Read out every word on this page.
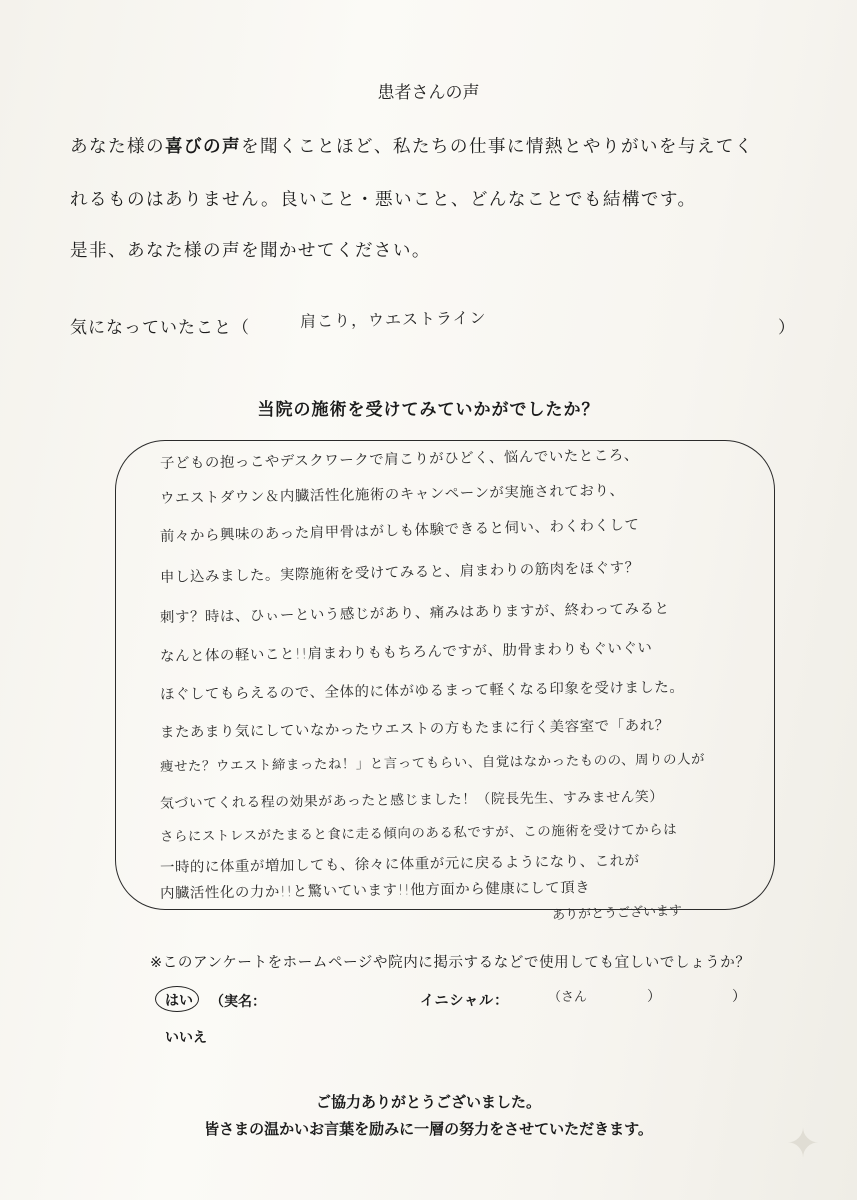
患者さんの声
あなた様の喜びの声を聞くことほど、私たちの仕事に情熱とやりがいを与えてく
れるものはありません。良いこと・悪いこと、どんなことでも結構です。
是非、あなた様の声を聞かせてください。
気になっていたこと（	肩こり，ウエストライン	）
当院の施術を受けてみていかがでしたか？
子どもの抱っこやデスクワークで肩こりがひどく、悩んでいたところ、
ウエストダウン＆内臓活性化施術のキャンペーンが実施されており、
前々から興味のあった肩甲骨はがしも体験できると伺い、わくわくして
申し込みました。実際施術を受けてみると、肩まわりの筋肉をほぐす？
刺す？時は、ひぃーという感じがあり、痛みはありますが、終わってみると
なんと体の軽いこと!!肩まわりももちろんですが、肋骨まわりもぐいぐい
ほぐしてもらえるので、全体的に体がゆるまって軽くなる印象を受けました。
またあまり気にしていなかったウエストの方もたまに行く美容室で「あれ？
痩せた？ウエスト締まったね！」と言ってもらい、自覚はなかったものの、周りの人が
気づいてくれる程の効果があったと感じました！（院長先生、すみません笑）
さらにストレスがたまると食に走る傾向のある私ですが、この施術を受けてからは
一時的に体重が増加しても、徐々に体重が元に戻るようになり、これが
内臓活性化の力か!!と驚いています!!他方面から健康にして頂き
ありがとうございます
※このアンケートをホームページや院内に掲示するなどで使用しても宜しいでしょうか？
はい （実名：	イニシャル：	（さん	）	）
いいえ
ご協力ありがとうございました。
皆さまの温かいお言葉を励みに一層の努力をさせていただきます。	✦
